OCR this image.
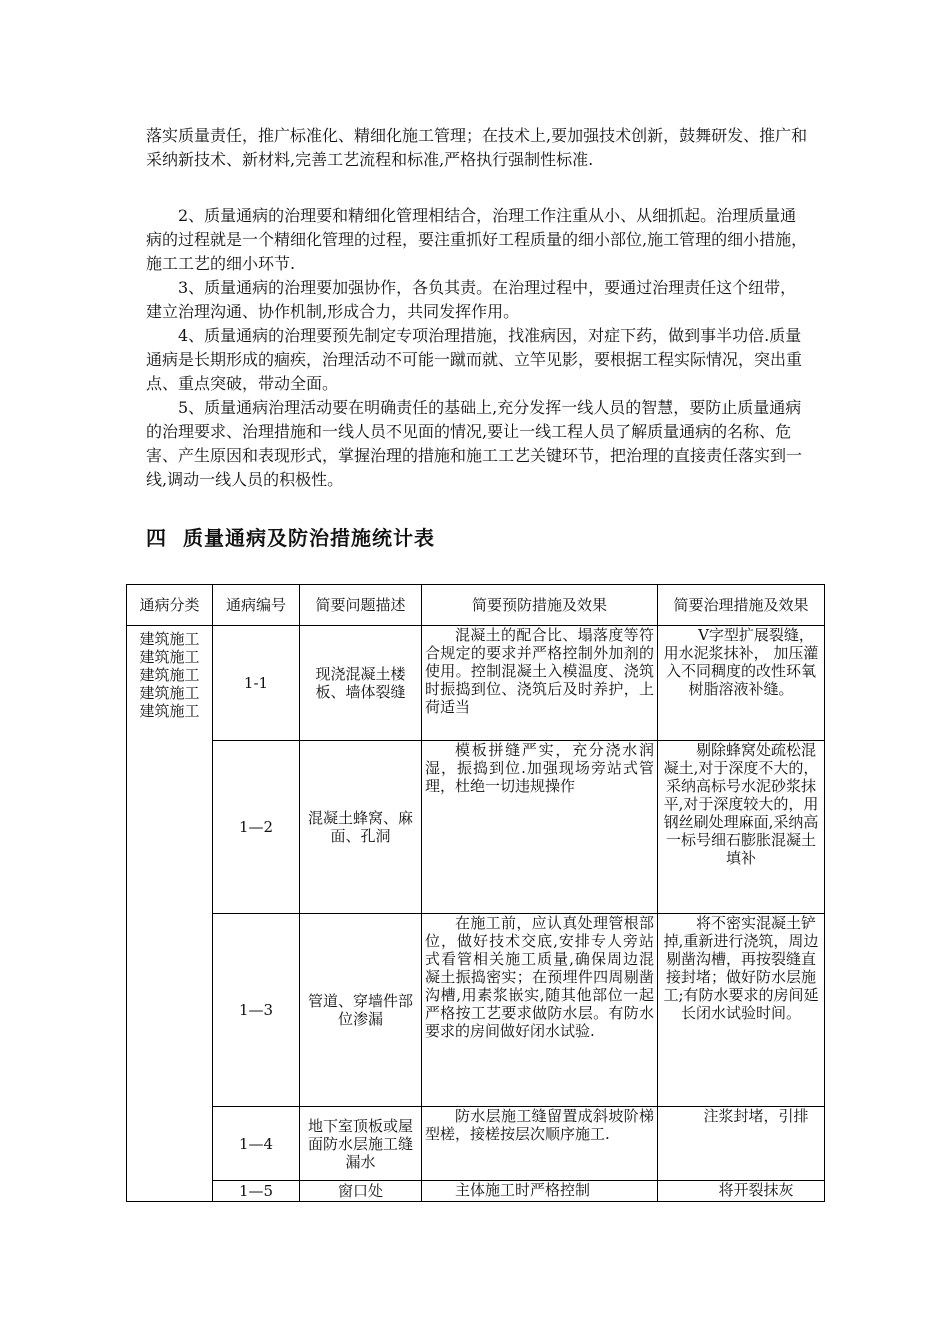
落实质量责任，推广标准化、精细化施工管理；在技术上,要加强技术创新，鼓舞研发、推广和采纳新技术、新材料,完善工艺流程和标准,严格执行强制性标准.

2、质量通病的治理要和精细化管理相结合，治理工作注重从小、从细抓起。治理质量通病的过程就是一个精细化管理的过程，要注重抓好工程质量的细小部位,施工管理的细小措施，施工工艺的细小环节.

3、质量通病的治理要加强协作，各负其责。在治理过程中，要通过治理责任这个纽带，建立治理沟通、协作机制,形成合力，共同发挥作用。

4、质量通病的治理要预先制定专项治理措施，找准病因，对症下药，做到事半功倍.质量通病是长期形成的痼疾，治理活动不可能一蹴而就、立竿见影，要根据工程实际情况，突出重点、重点突破，带动全面。

5、质量通病治理活动要在明确责任的基础上,充分发挥一线人员的智慧，要防止质量通病的治理要求、治理措施和一线人员不见面的情况,要让一线工程人员了解质量通病的名称、危害、产生原因和表现形式，掌握治理的措施和施工工艺关键环节，把治理的直接责任落实到一线,调动一线人员的积极性。

四 质量通病及防治措施统计表
通病分类	通病编号	简要问题描述	简要预防措施及效果	简要治理措施及效果

建筑施工
建筑施工
建筑施工
建筑施工
建筑施工	1-1	现浇混凝土楼板、墙体裂缝	混凝土的配合比、塌落度等符合规定的要求并严格控制外加剂的使用。控制混凝土入模温度、浇筑时振捣到位、浇筑后及时养护，上荷适当	V字型扩展裂缝，用水泥浆抹补， 加压灌入不同稠度的改性环氧树脂溶液补缝。

	1—2	混凝土蜂窝、麻面、孔洞	模板拼缝严实，充分浇水润湿，振捣到位.加强现场旁站式管理，杜绝一切违规操作	剔除蜂窝处疏松混凝土,对于深度不大的，采纳高标号水泥砂浆抹平,对于深度较大的，用钢丝刷处理麻面,采纳高一标号细石膨胀混凝土填补

	1—3	管道、穿墙件部位渗漏	在施工前，应认真处理管根部位，做好技术交底,安排专人旁站式看管相关施工质量,确保周边混凝土振捣密实；在预埋件四周剔凿沟槽,用素浆嵌实,随其他部位一起严格按工艺要求做防水层。有防水要求的房间做好闭水试验.	将不密实混凝土铲掉,重新进行浇筑，周边剔凿沟槽，再按裂缝直接封堵；做好防水层施工;有防水要求的房间延长闭水试验时间。

	1—4	地下室顶板或屋面防水层施工缝漏水	防水层施工缝留置成斜坡阶梯型槎，接槎按层次顺序施工.	注浆封堵，引排

	1—5	窗口处	主体施工时严格控制	将开裂抹灰
